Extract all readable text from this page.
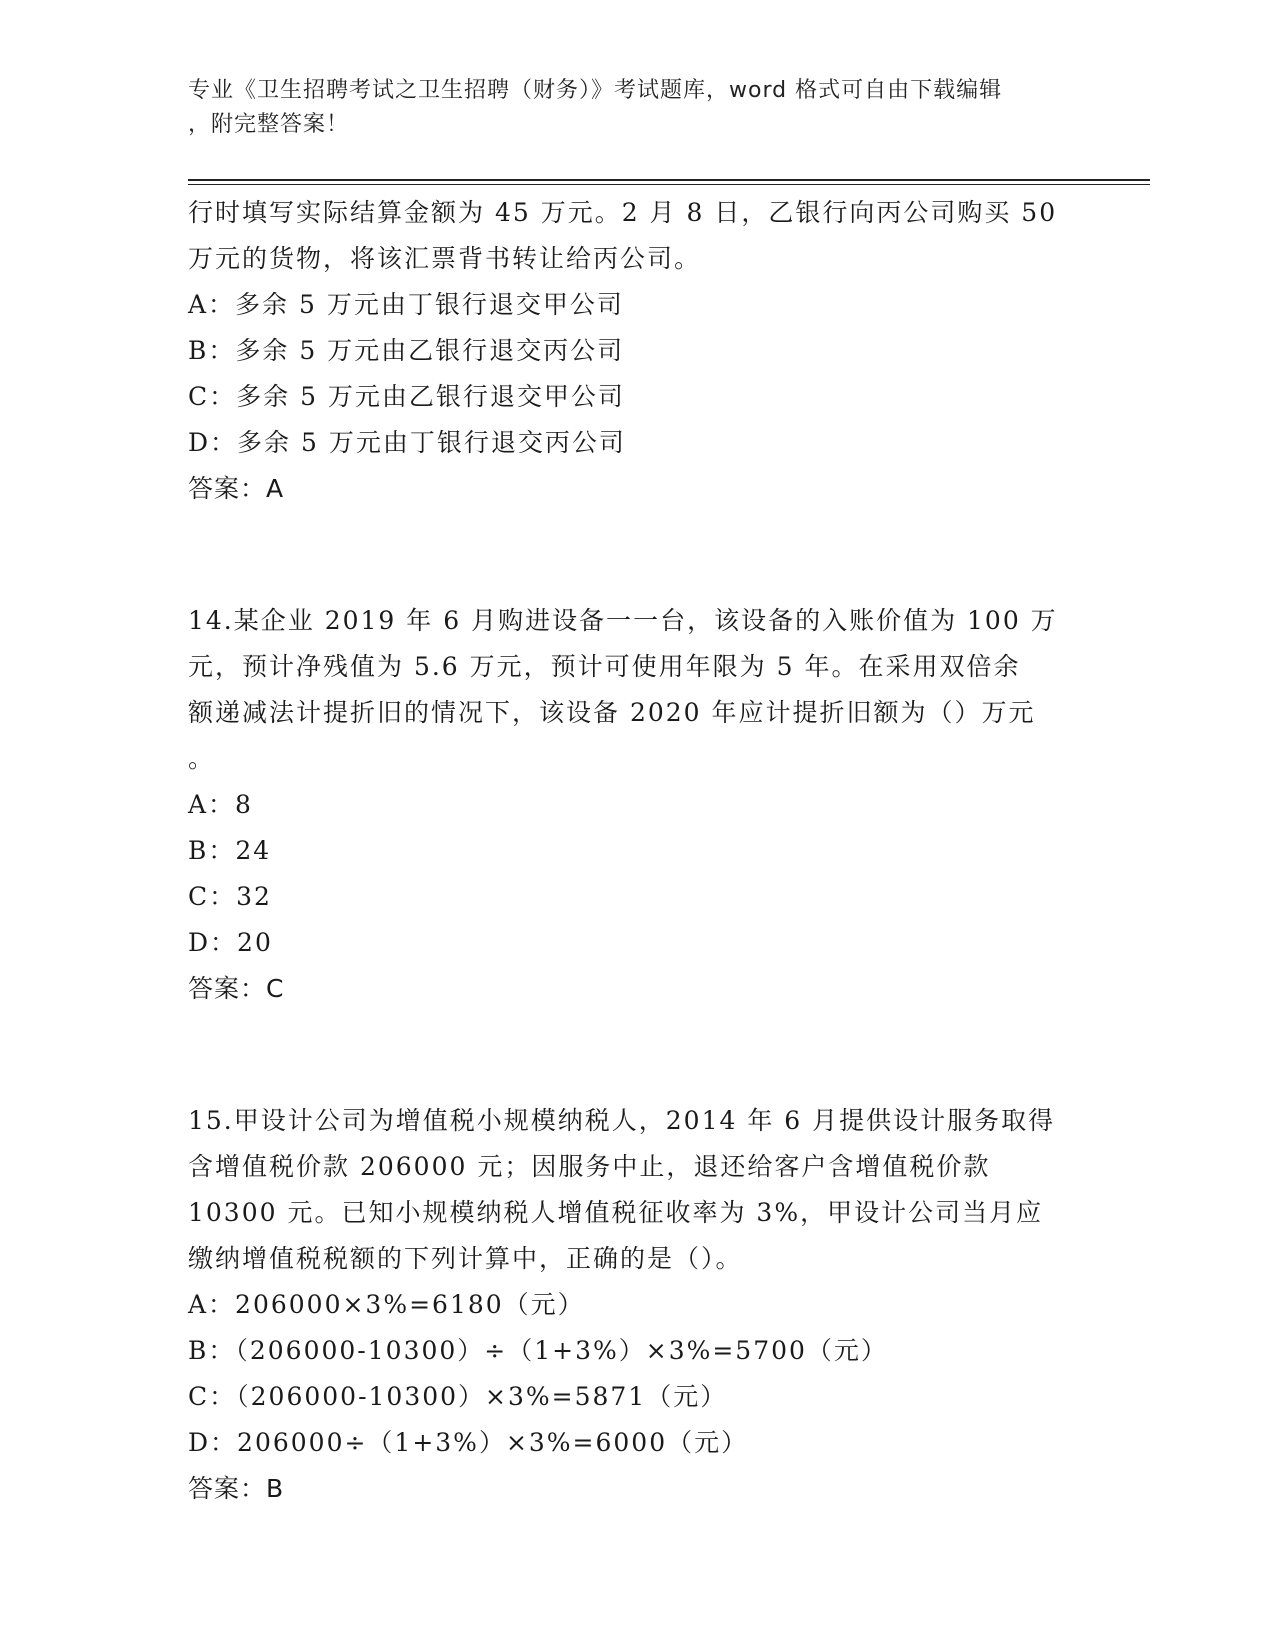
专业《卫生招聘考试之卫生招聘（财务）》考试题库，word 格式可自由下载编辑
，附完整答案！
行时填写实际结算金额为 45 万元。2 月 8 日，乙银行向丙公司购买 50
万元的货物，将该汇票背书转让给丙公司。
A：多余 5 万元由丁银行退交甲公司
B：多余 5 万元由乙银行退交丙公司
C：多余 5 万元由乙银行退交甲公司
D：多余 5 万元由丁银行退交丙公司
答案：A
14.某企业 2019 年 6 月购进设备一一台，该设备的入账价值为 100 万
元，预计净残值为 5.6 万元，预计可使用年限为 5 年。在采用双倍余
额递减法计提折旧的情况下，该设备 2020 年应计提折旧额为（）万元
。
A：8
B：24
C：32
D：20
答案：C
15.甲设计公司为增值税小规模纳税人，2014 年 6 月提供设计服务取得
含增值税价款 206000 元；因服务中止，退还给客户含增值税价款
10300 元。已知小规模纳税人增值税征收率为 3%，甲设计公司当月应
缴纳增值税税额的下列计算中，正确的是（）。
A：206000×3%=6180（元）
B：（206000-10300）÷（1+3%）×3%=5700（元）
C：（206000-10300）×3%=5871（元）
D：206000÷（1+3%）×3%=6000（元）
答案：B
